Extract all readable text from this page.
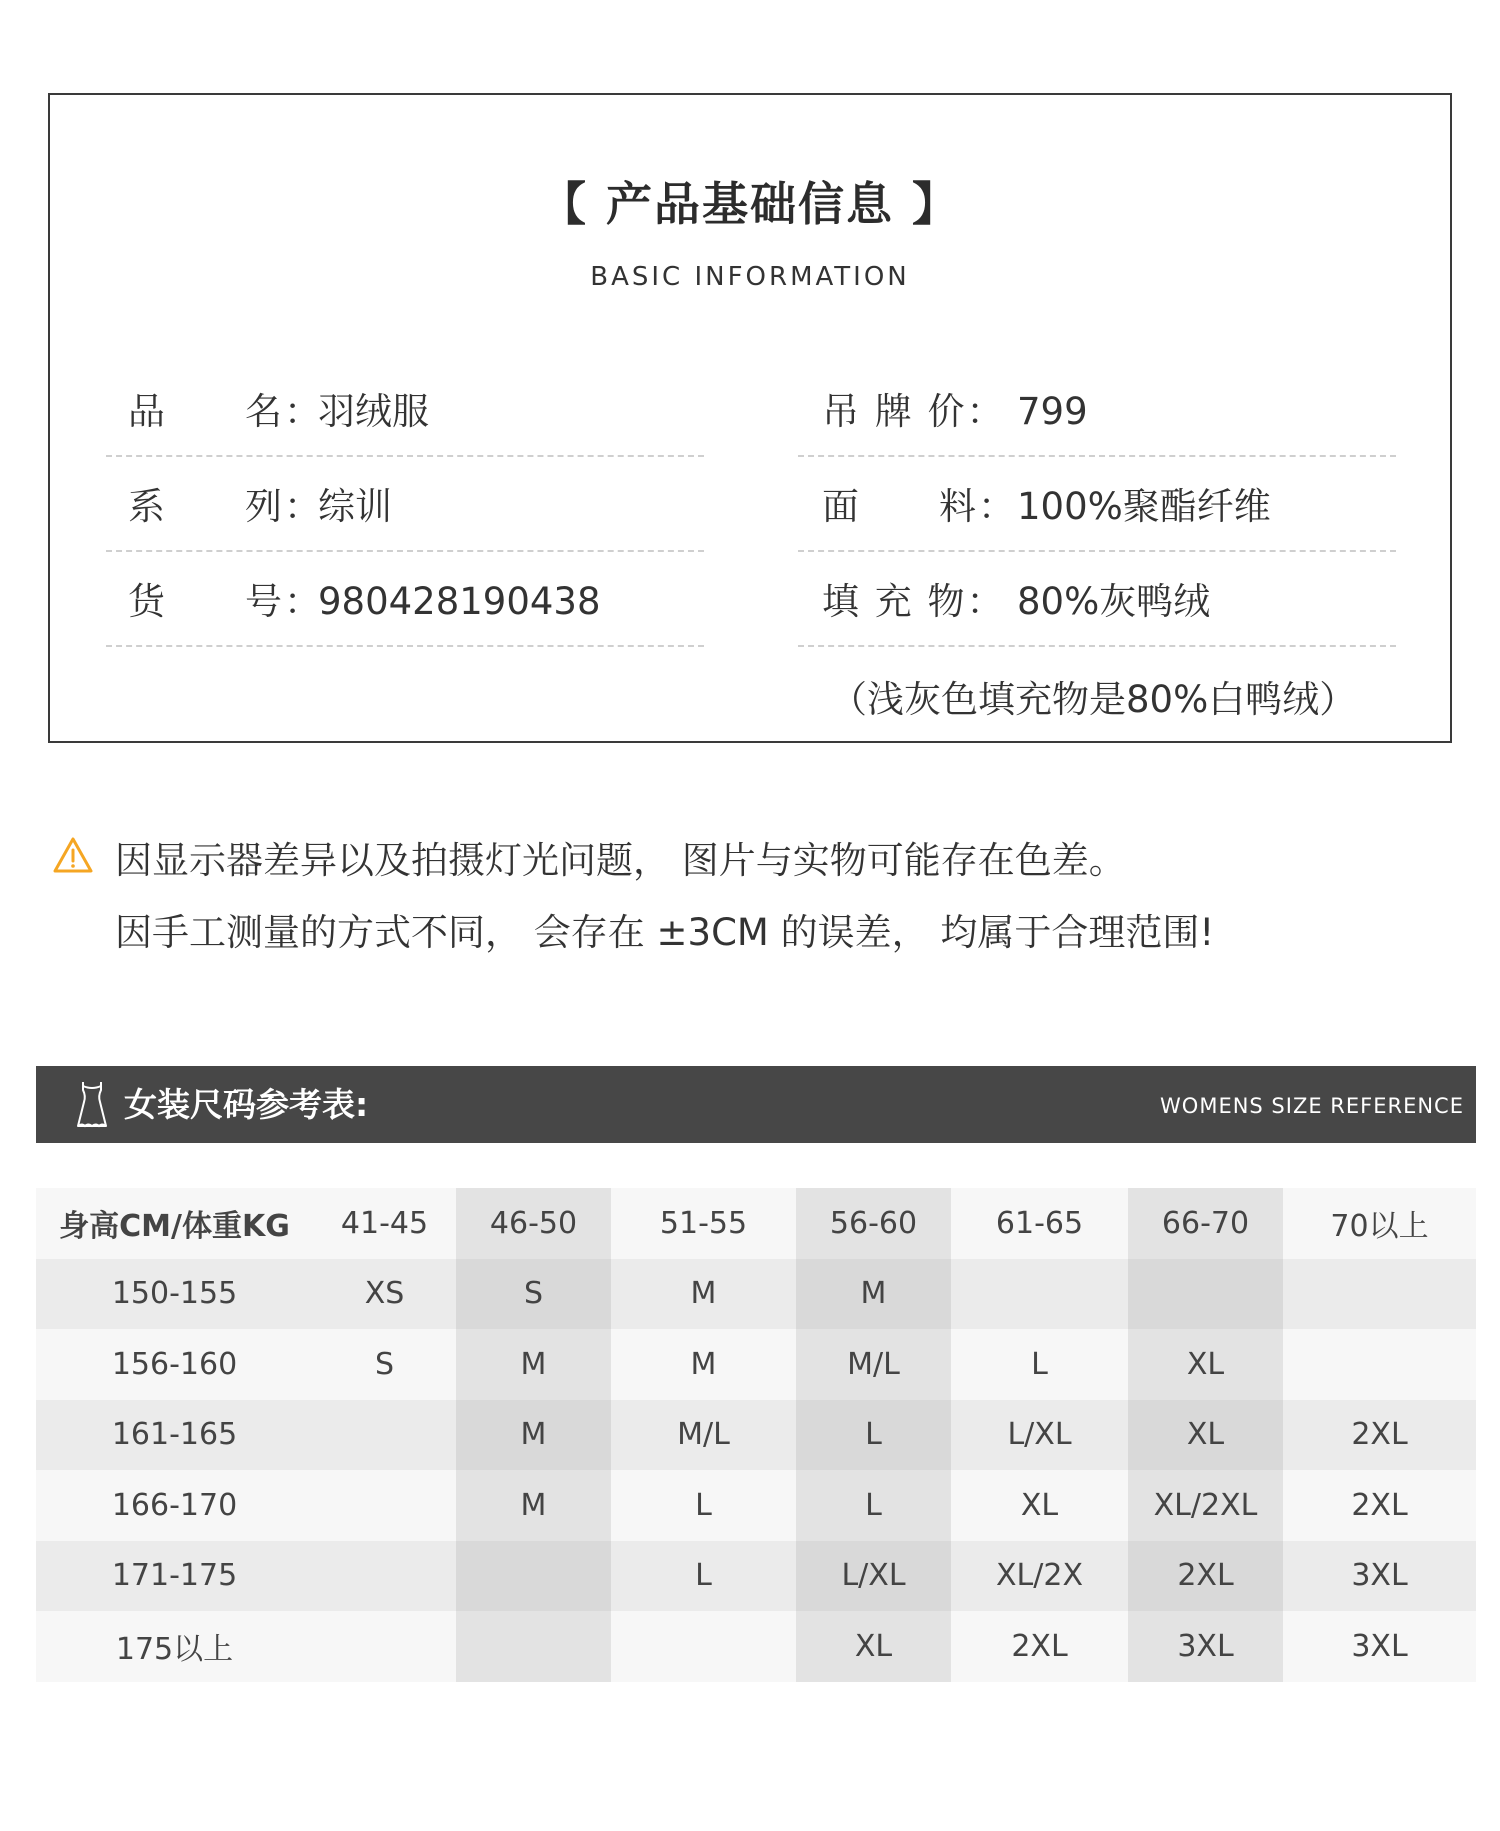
【 产品基础信息 】
BASIC INFORMATION
品　　名：羽绒服
系　　列：综训
货　　号：980428190438
吊 牌 价： 799
面　　料：100%聚酯纤维
填 充 物： 80%灰鸭绒
（浅灰色填充物是80%白鸭绒）
因显示器差异以及拍摄灯光问题， 图片与实物可能存在色差。
因手工测量的方式不同， 会存在 ±3CM 的误差， 均属于合理范围!
女装尺码参考表:	WOMENS SIZE REFERENCE
身高CM/体重KG	41-45	46-50	51-55	56-60	61-65	66-70	70以上
150-155	XS	S	M	M			
156-160	S	M	M	M/L	L	XL	
161-165		M	M/L	L	L/XL	XL	2XL
166-170		M	L	L	XL	XL/2XL	2XL
171-175			L	L/XL	XL/2X	2XL	3XL
175以上				XL	2XL	3XL	3XL
